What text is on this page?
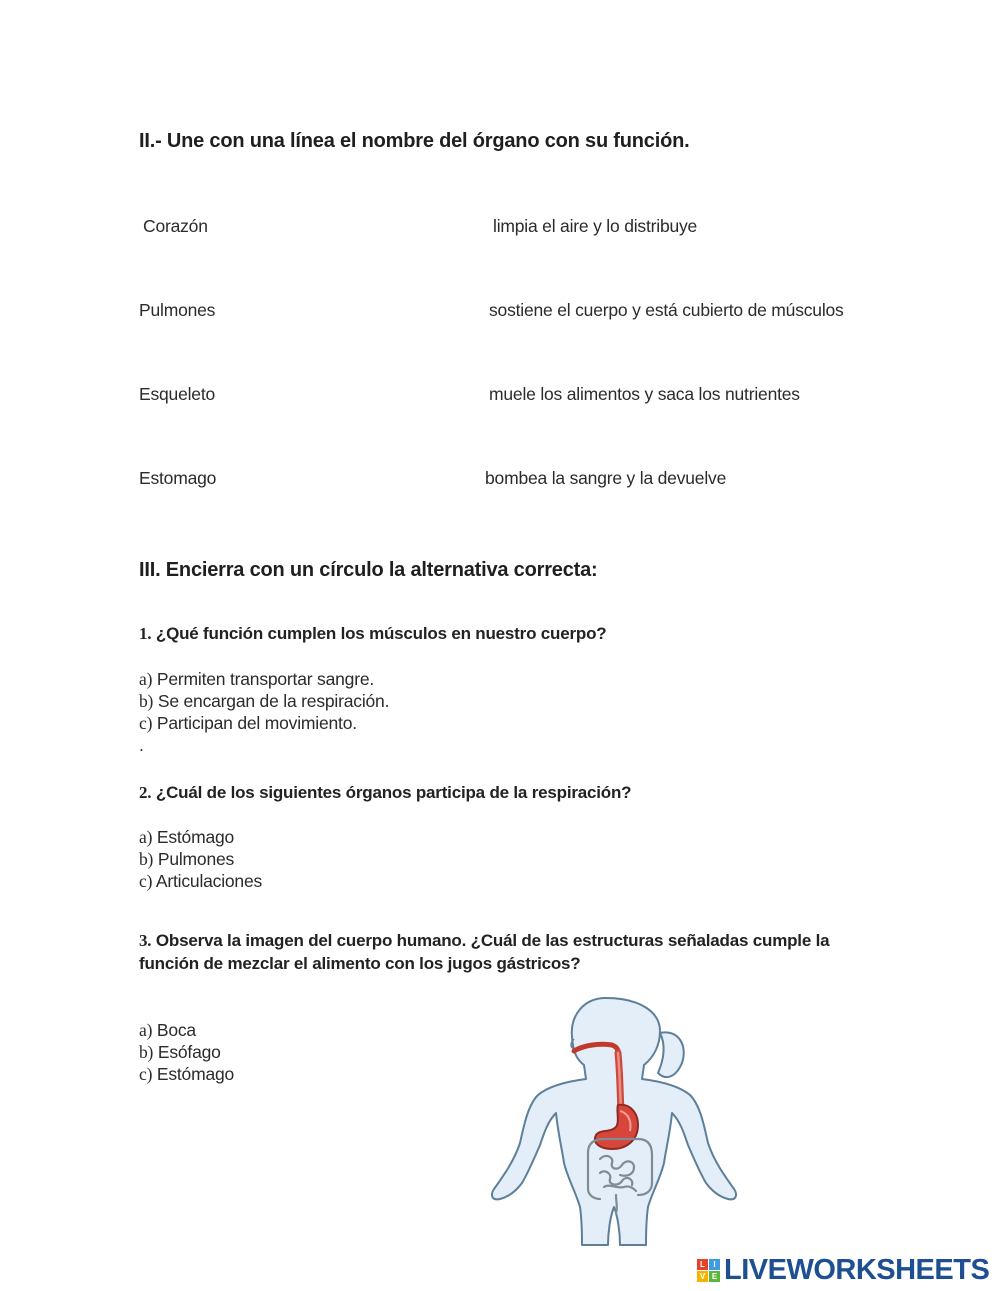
II.- Une con una línea el nombre del órgano con su función.
Corazón
Pulmones
Esqueleto
Estomago
limpia el aire y lo distribuye
sostiene el cuerpo y está cubierto de músculos
muele los alimentos y saca los nutrientes
bombea la sangre y la devuelve
III. Encierra con un círculo la alternativa correcta:
1. ¿Qué función cumplen los músculos en nuestro cuerpo?
a) Permiten transportar sangre.
b) Se encargan de la respiración.
c) Participan del movimiento.
.
2. ¿Cuál de los siguientes órganos participa de la respiración?
a) Estómago
b) Pulmones
c) Articulaciones
3. Observa la imagen del cuerpo humano. ¿Cuál de las estructuras señaladas cumple la
función de mezclar el alimento con los jugos gástricos?
a) Boca
b) Esófago
c) Estómago
L	I
V E LIVEWORKSHEETS
